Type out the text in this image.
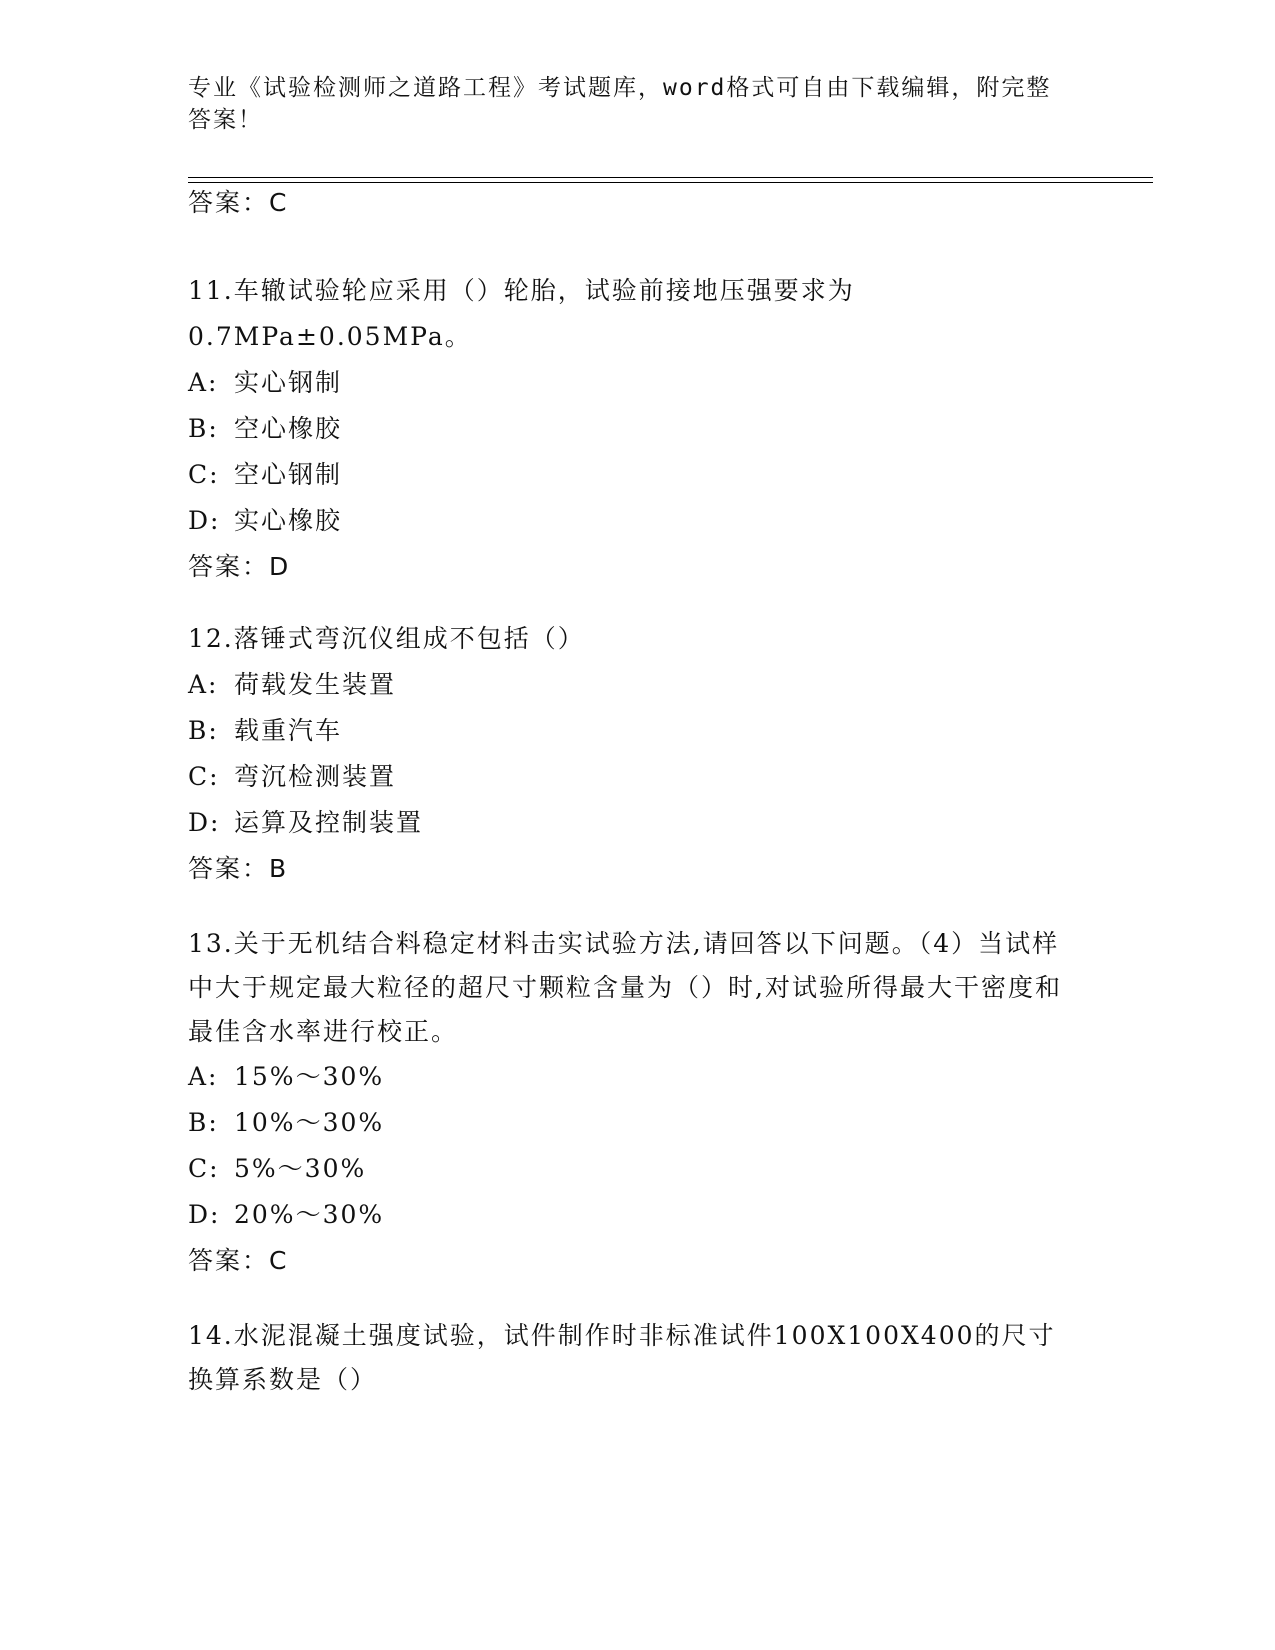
专业《试验检测师之道路工程》考试题库，word格式可自由下载编辑，附完整答案！

答案：C

11.车辙试验轮应采用（）轮胎，试验前接地压强要求为

0.7MPa±0.05MPa。

A: 实心钢制

B: 空心橡胶

C: 空心钢制

D: 实心橡胶

答案：D

12.落锤式弯沉仪组成不包括（）

A: 荷载发生装置

B: 载重汽车

C: 弯沉检测装置

D: 运算及控制装置

答案：B

13.关于无机结合料稳定材料击实试验方法,请回答以下问题。（4）当试样中大于规定最大粒径的超尺寸颗粒含量为（）时,对试验所得最大干密度和最佳含水率进行校正。

A: 15%～30%

B: 10%～30%

C: 5%～30%

D: 20%～30%

答案：C

14.水泥混凝土强度试验，试件制作时非标准试件100X100X400的尺寸换算系数是（）
